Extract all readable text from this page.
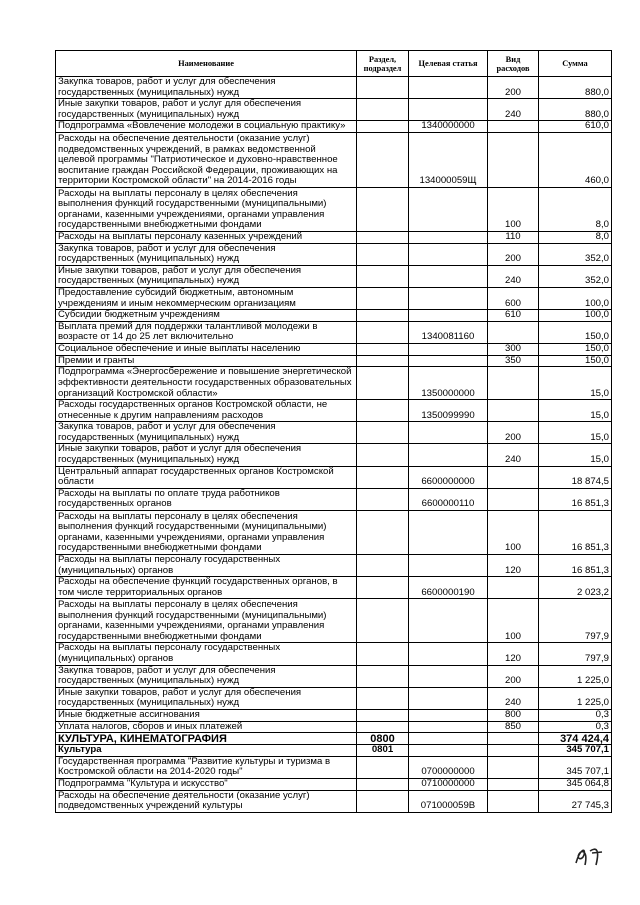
Наименование	Раздел, подраздел	Целевая статья	Вид расходов	Сумма
Закупка товаров, работ и услуг для обеспечения государственных (муниципальных) нужд			200	880,0
Иные закупки товаров, работ и услуг для обеспечения государственных (муниципальных) нужд			240	880,0
Подпрограмма «Вовлечение молодежи в социальную практику»		1340000000		610,0
Расходы на обеспечение деятельности (оказание услуг) подведомственных учреждений, в рамках ведомственной целевой программы "Патриотическое и духовно-нравственное воспитание граждан Российской Федерации, проживающих на территории Костромской области" на 2014-2016 годы		134000059Щ		460,0
Расходы на выплаты персоналу в целях обеспечения выполнения функций государственными (муниципальными) органами, казенными учреждениями, органами управления государственными внебюджетными фондами			100	8,0
Расходы на выплаты персоналу казенных учреждений			110	8,0
Закупка товаров, работ и услуг для обеспечения государственных (муниципальных) нужд			200	352,0
Иные закупки товаров, работ и услуг для обеспечения государственных (муниципальных) нужд			240	352,0
Предоставление субсидий бюджетным, автономным учреждениям и иным некоммерческим организациям			600	100,0
Субсидии бюджетным учреждениям			610	100,0
Выплата премий для поддержки талантливой молодежи в возрасте от 14 до 25 лет включительно		1340081160		150,0
Социальное обеспечение и иные выплаты населению			300	150,0
Премии и гранты			350	150,0
Подпрограмма «Энергосбережение и повышение энергетической эффективности деятельности государственных образовательных организаций Костромской области»		1350000000		15,0
Расходы государственных органов Костромской области, не отнесенные к другим направлениям расходов		1350099990		15,0
Закупка товаров, работ и услуг для обеспечения государственных (муниципальных) нужд			200	15,0
Иные закупки товаров, работ и услуг для обеспечения государственных (муниципальных) нужд			240	15,0
Центральный аппарат государственных органов Костромской области		6600000000		18 874,5
Расходы на выплаты по оплате труда работников государственных органов		6600000110		16 851,3
Расходы на выплаты персоналу в целях обеспечения выполнения функций государственными (муниципальными) органами, казенными учреждениями, органами управления государственными внебюджетными фондами			100	16 851,3
Расходы на выплаты персоналу государственных (муниципальных) органов			120	16 851,3
Расходы на обеспечение функций государственных органов, в том числе территориальных органов		6600000190		2 023,2
Расходы на выплаты персоналу в целях обеспечения выполнения функций государственными (муниципальными) органами, казенными учреждениями, органами управления государственными внебюджетными фондами			100	797,9
Расходы на выплаты персоналу государственных (муниципальных) органов			120	797,9
Закупка товаров, работ и услуг для обеспечения государственных (муниципальных) нужд			200	1 225,0
Иные закупки товаров, работ и услуг для обеспечения государственных (муниципальных) нужд			240	1 225,0
Иные бюджетные ассигнования			800	0,3
Уплата налогов, сборов и иных платежей			850	0,3
КУЛЬТУРА, КИНЕМАТОГРАФИЯ	0800			374 424,4
Культура	0801			345 707,1
Государственная программа "Развитие культуры и туризма в Костромской области на 2014-2020 годы"		0700000000		345 707,1
Подпрограмма "Культура и искусство"		0710000000		345 064,8
Расходы на обеспечение деятельности (оказание услуг) подведомственных учреждений культуры		071000059В		27 745,3
